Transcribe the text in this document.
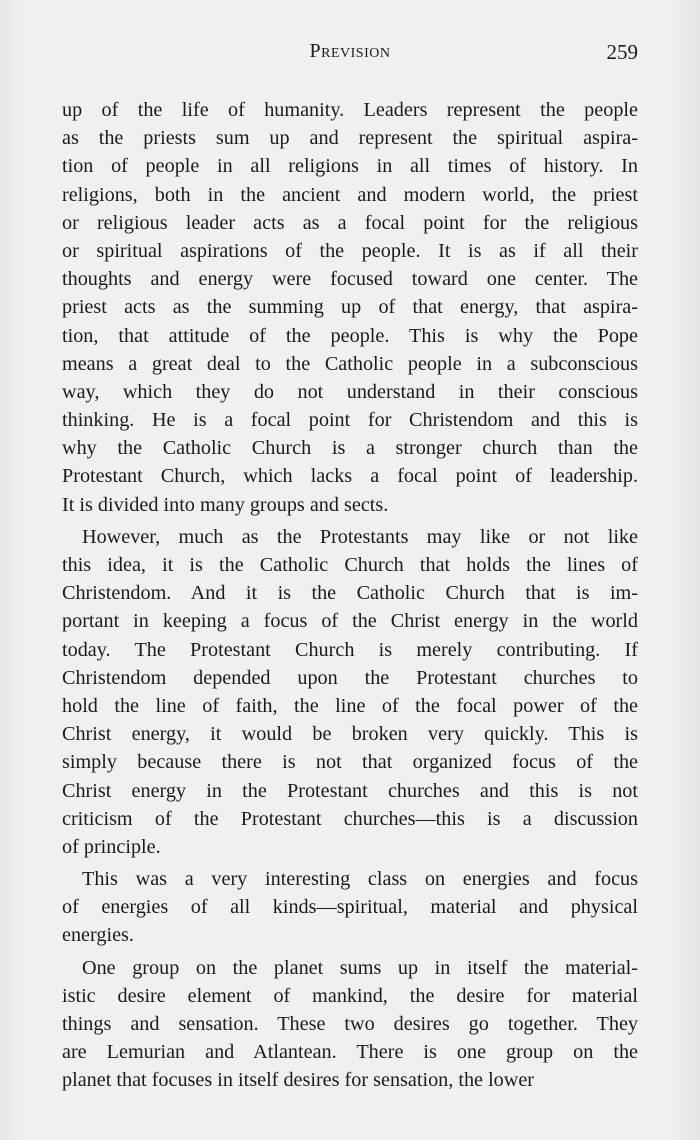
Prevision	259
up of the life of humanity. Leaders represent the people
as the priests sum up and represent the spiritual aspira-
tion of people in all religions in all times of history. In
religions, both in the ancient and modern world, the priest
or religious leader acts as a focal point for the religious
or spiritual aspirations of the people. It is as if all their
thoughts and energy were focused toward one center. The
priest acts as the summing up of that energy, that aspira-
tion, that attitude of the people. This is why the Pope
means a great deal to the Catholic people in a subconscious
way, which they do not understand in their conscious
thinking. He is a focal point for Christendom and this is
why the Catholic Church is a stronger church than the
Protestant Church, which lacks a focal point of leadership.
It is divided into many groups and sects.
However, much as the Protestants may like or not like
this idea, it is the Catholic Church that holds the lines of
Christendom. And it is the Catholic Church that is im-
portant in keeping a focus of the Christ energy in the world
today. The Protestant Church is merely contributing. If
Christendom depended upon the Protestant churches to
hold the line of faith, the line of the focal power of the
Christ energy, it would be broken very quickly. This is
simply because there is not that organized focus of the
Christ energy in the Protestant churches and this is not
criticism of the Protestant churches—this is a discussion
of principle.
This was a very interesting class on energies and focus
of energies of all kinds—spiritual, material and physical
energies.
One group on the planet sums up in itself the material-
istic desire element of mankind, the desire for material
things and sensation. These two desires go together. They
are Lemurian and Atlantean. There is one group on the
planet that focuses in itself desires for sensation, the lower
